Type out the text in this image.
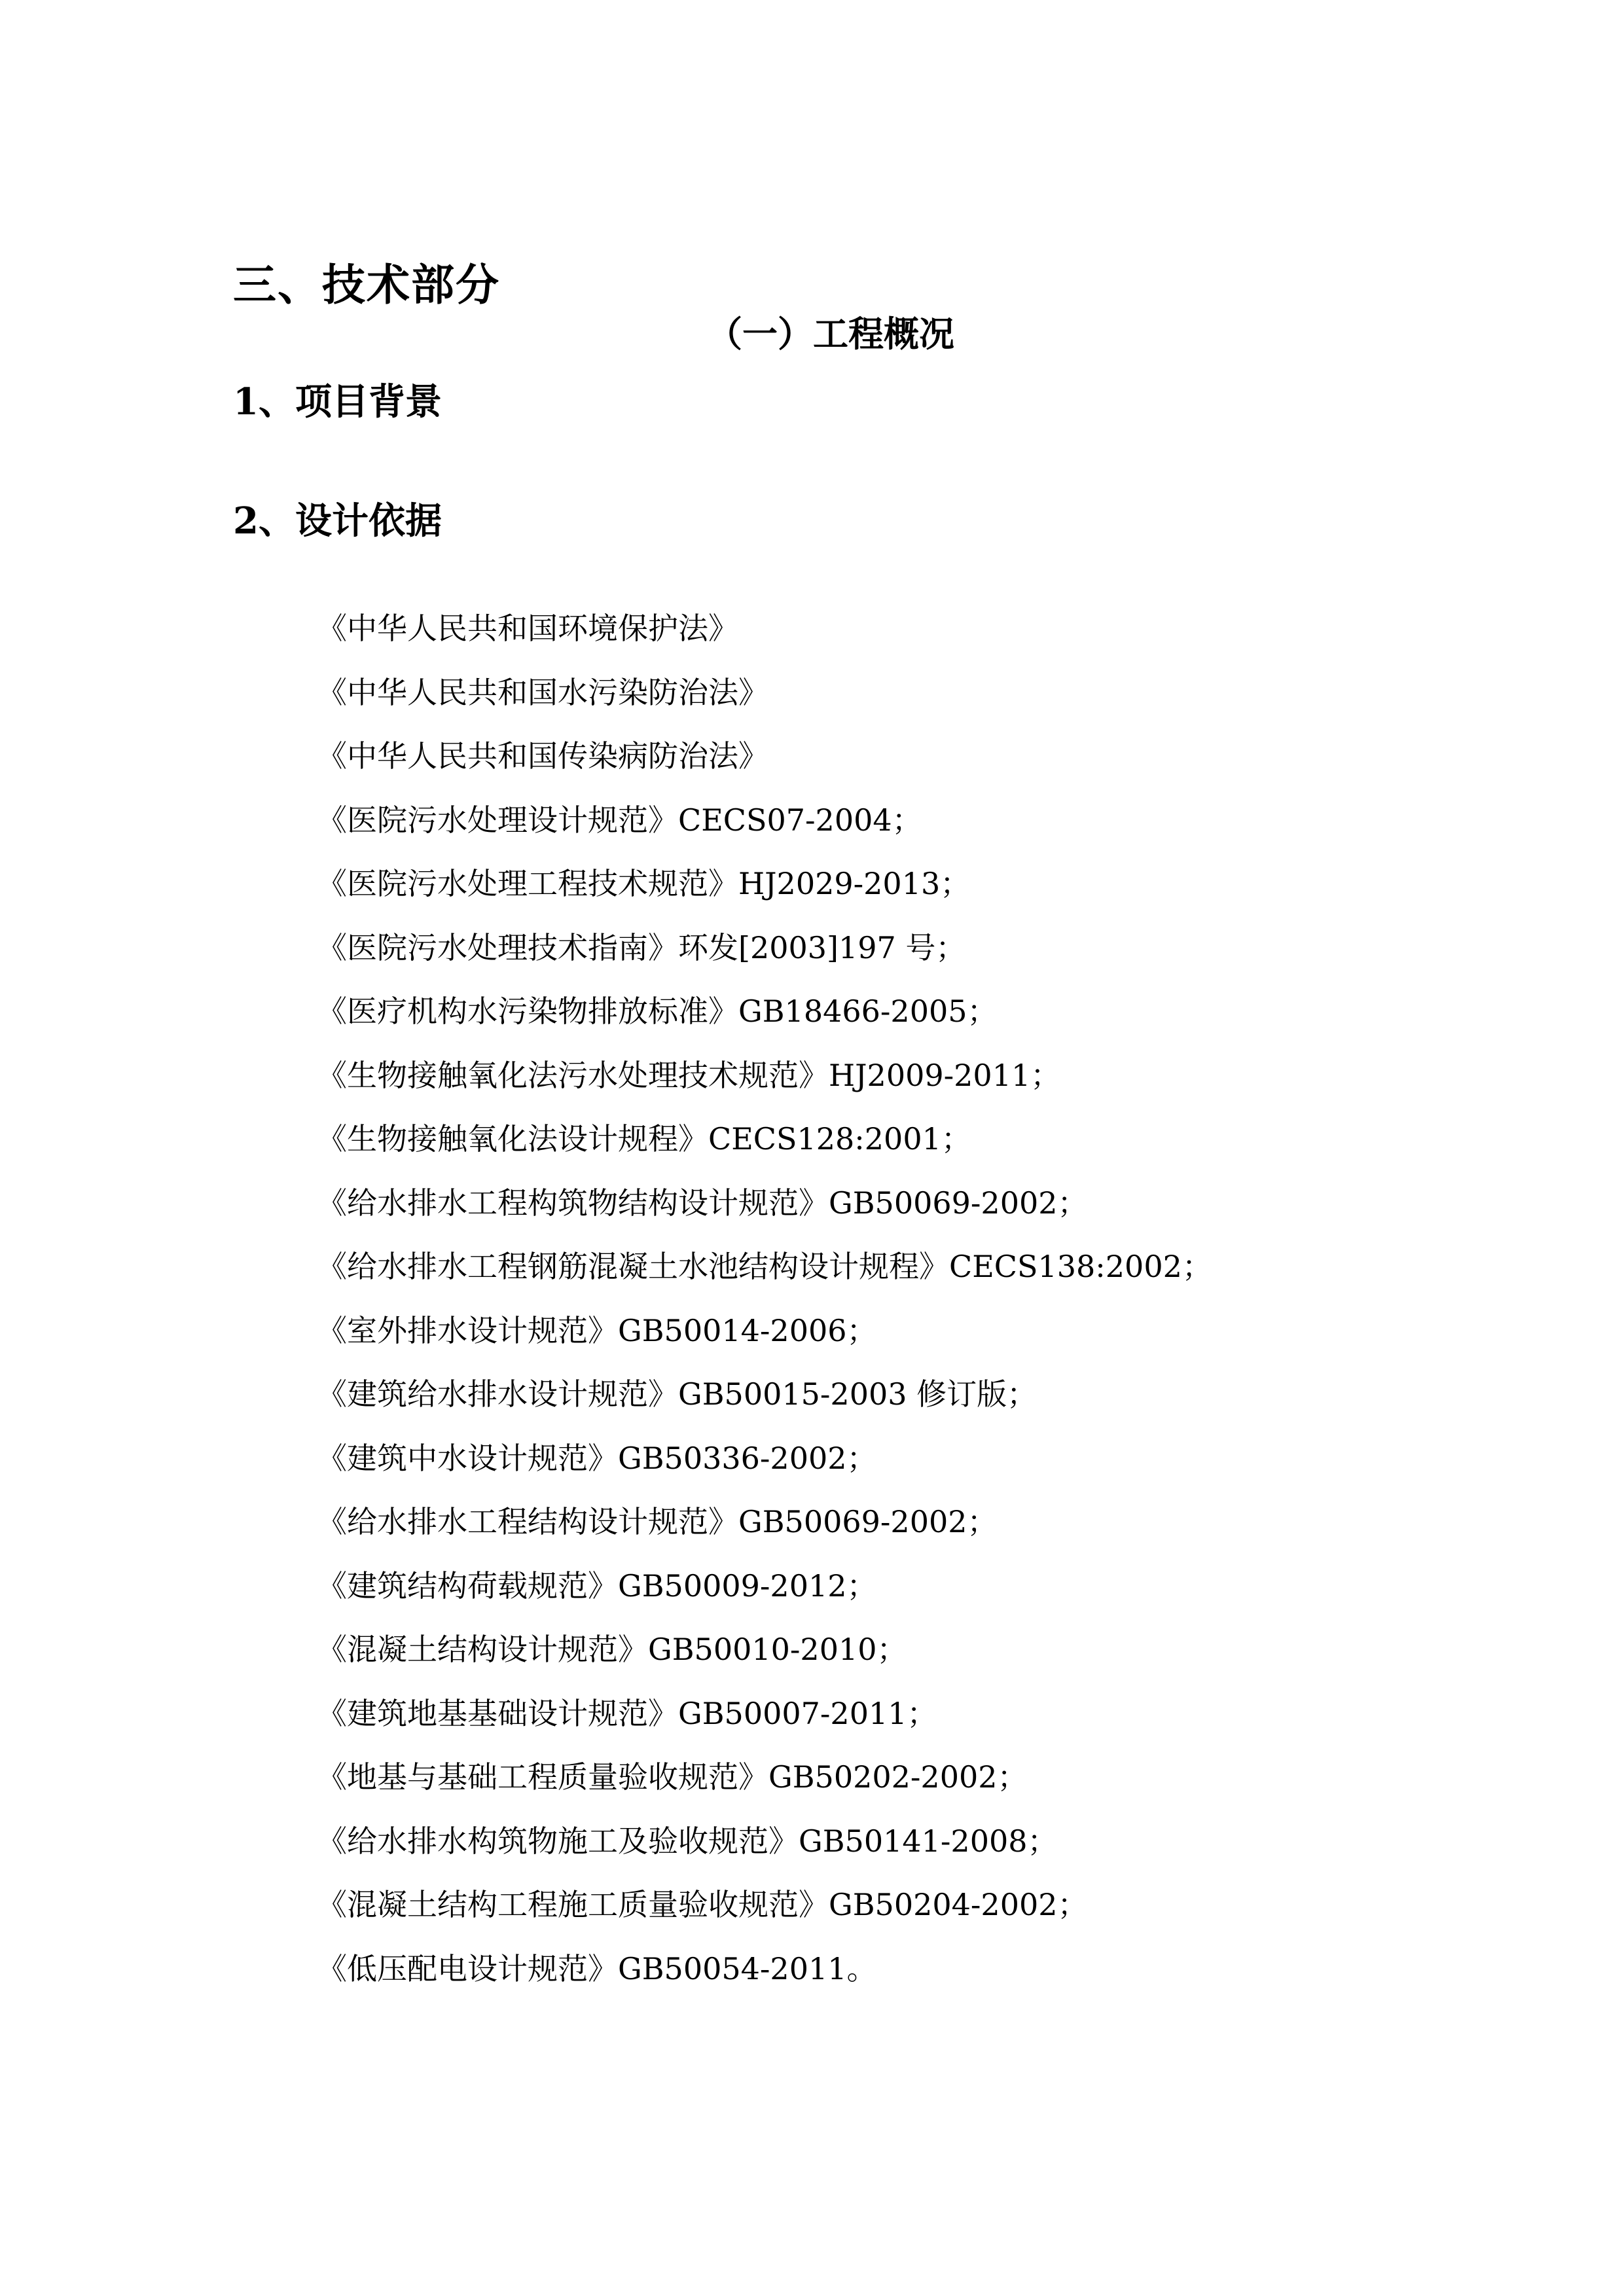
三、技术部分
（一）工程概况
1、项目背景
2、设计依据
《中华人民共和国环境保护法》
《中华人民共和国水污染防治法》
《中华人民共和国传染病防治法》
《医院污水处理设计规范》CECS07-2004；
《医院污水处理工程技术规范》HJ2029-2013；
《医院污水处理技术指南》环发[2003]197 号；
《医疗机构水污染物排放标准》GB18466-2005；
《生物接触氧化法污水处理技术规范》HJ2009-2011；
《生物接触氧化法设计规程》CECS128:2001；
《给水排水工程构筑物结构设计规范》GB50069-2002；
《给水排水工程钢筋混凝土水池结构设计规程》CECS138:2002；
《室外排水设计规范》GB50014-2006；
《建筑给水排水设计规范》GB50015-2003 修订版；
《建筑中水设计规范》GB50336-2002；
《给水排水工程结构设计规范》GB50069-2002；
《建筑结构荷载规范》GB50009-2012；
《混凝土结构设计规范》GB50010-2010；
《建筑地基基础设计规范》GB50007-2011；
《地基与基础工程质量验收规范》GB50202-2002；
《给水排水构筑物施工及验收规范》GB50141-2008；
《混凝土结构工程施工质量验收规范》GB50204-2002；
《低压配电设计规范》GB50054-2011。
